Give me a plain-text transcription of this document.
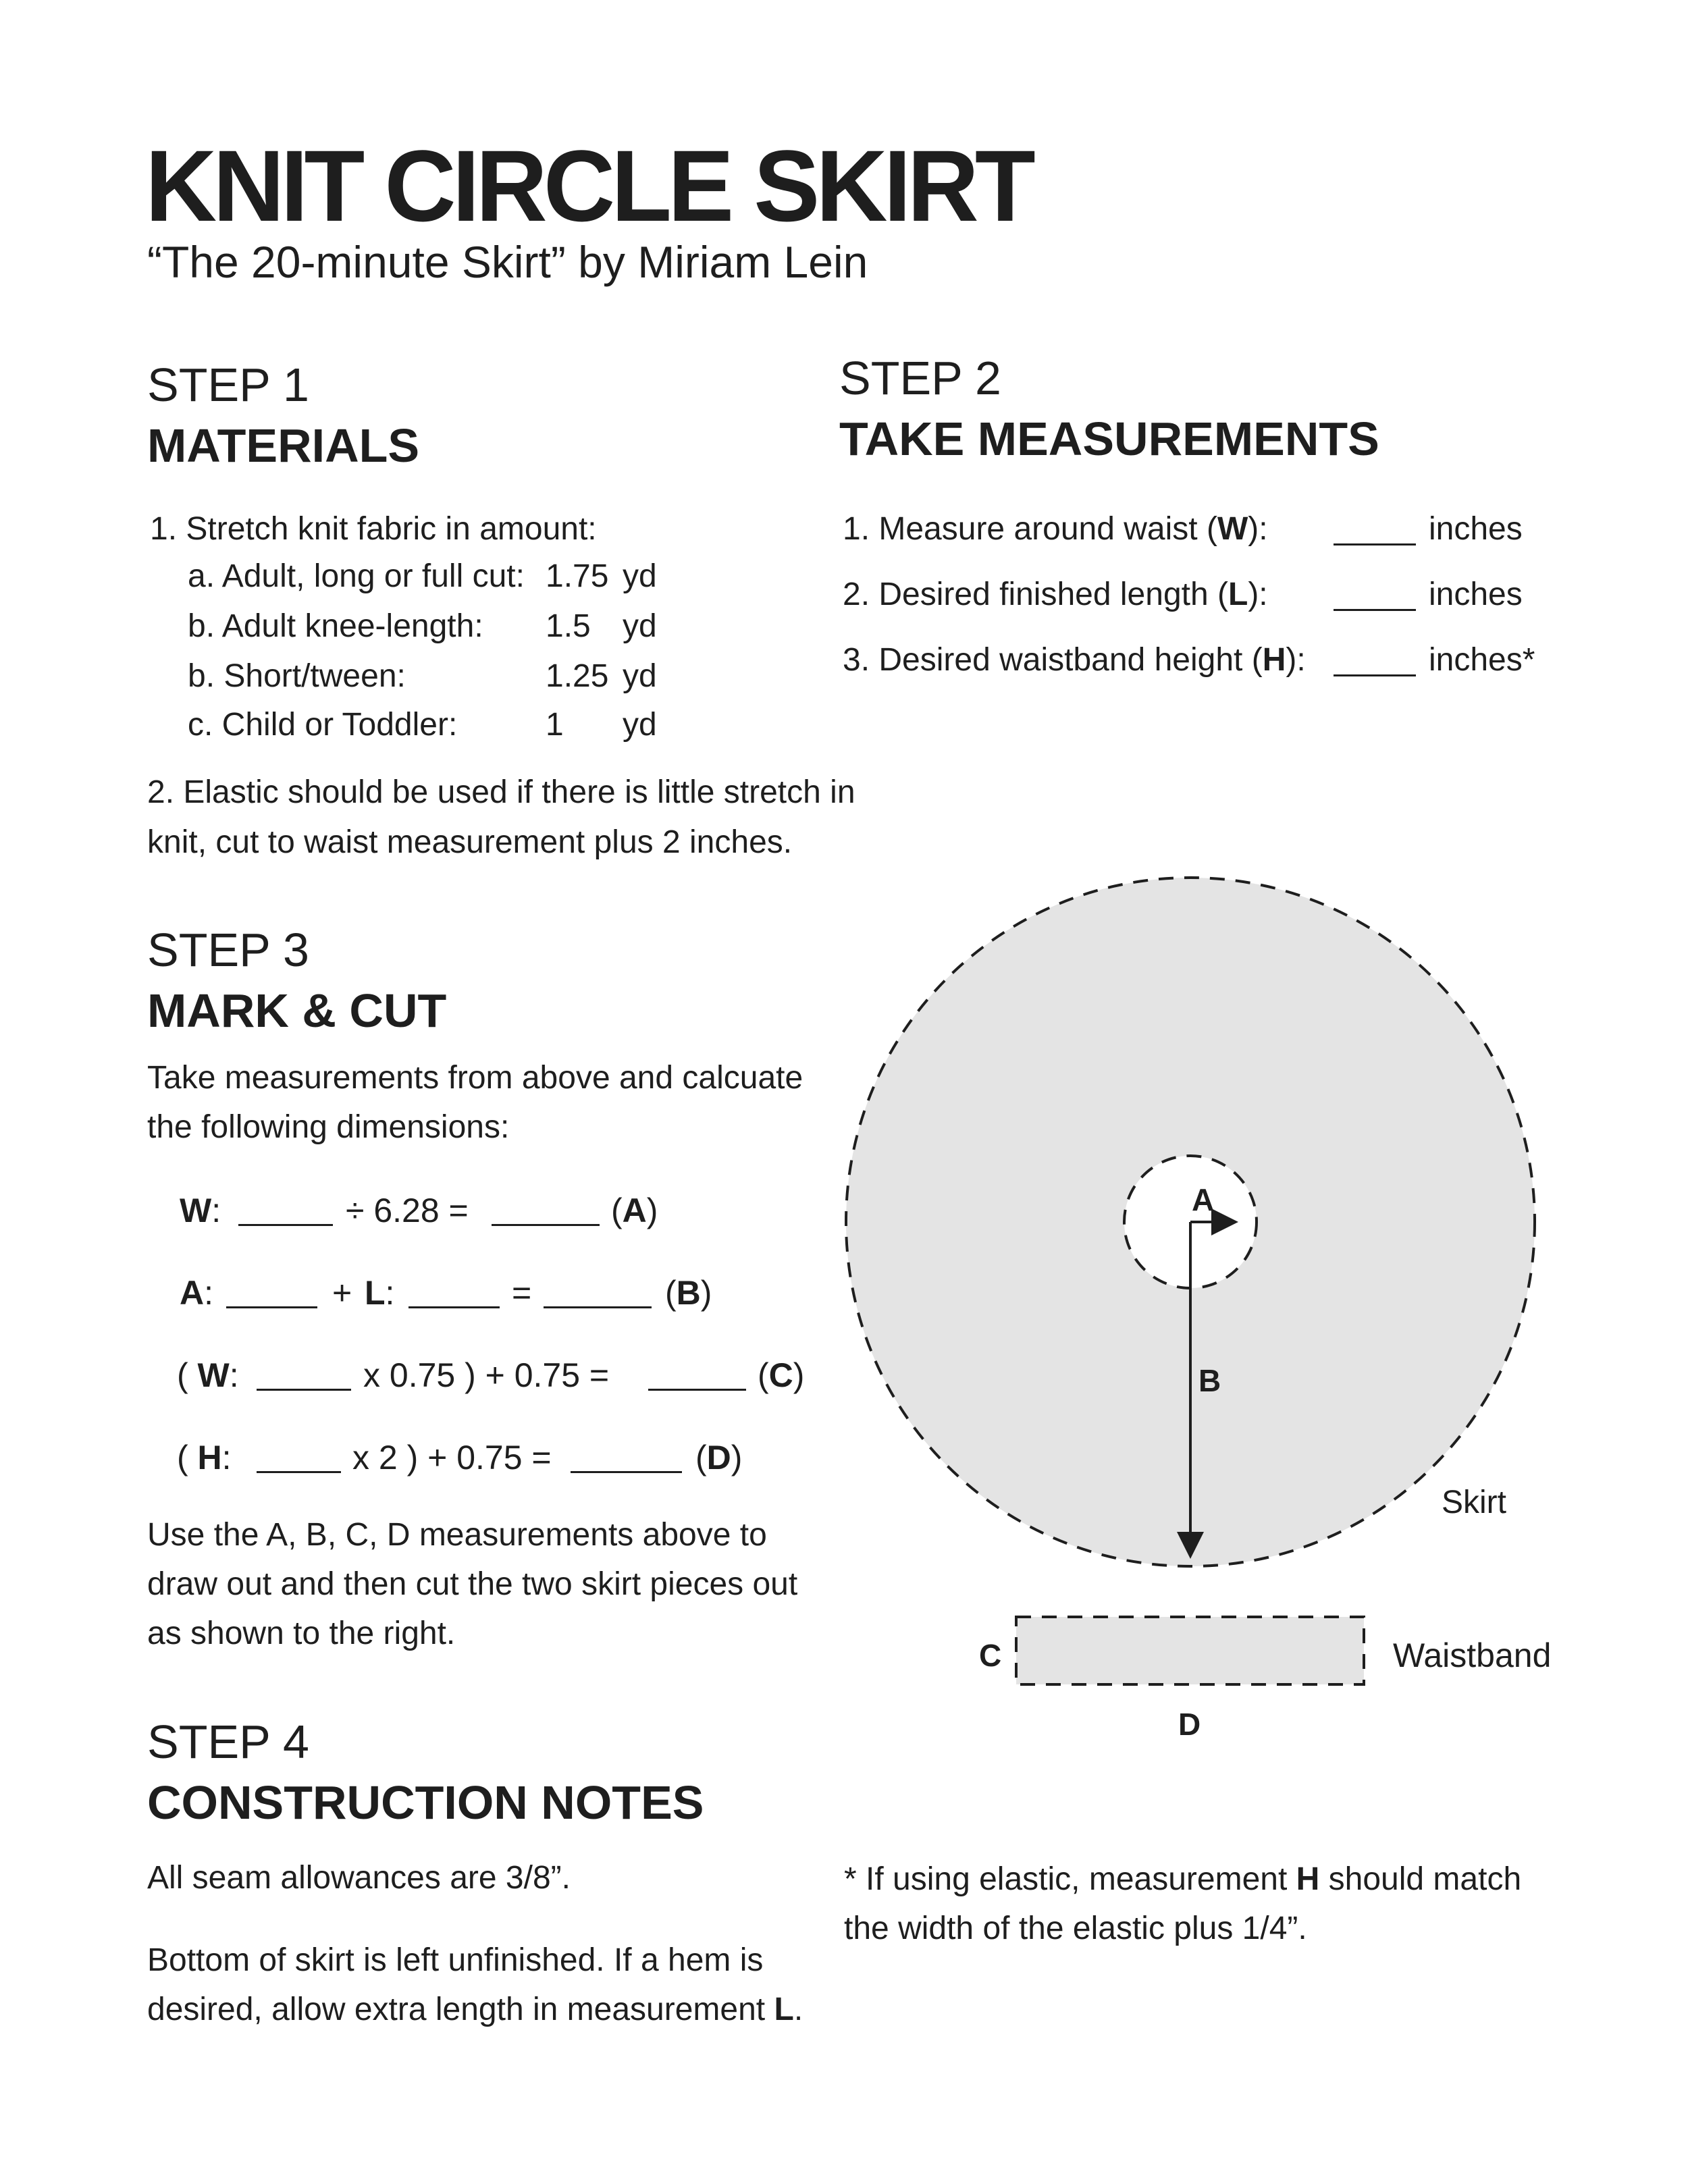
KNIT CIRCLE SKIRT

“The 20-minute Skirt” by Miriam Lein

STEP 1

MATERIALS

1. Stretch knit fabric in amount:

a. Adult, long or full cut: 1.75 yd
b. Adult knee-length: 1.5 yd
b. Short/tween:	1.25 yd
c. Child or Toddler:	1 yd

2. Elastic should be used if there is little stretch in

knit, cut to waist measurement plus 2 inches.

STEP 2

TAKE MEASUREMENTS

1. Measure around waist (W):	inches
2. Desired finished length (L):	inches
3. Desired waistband height (H):	inches*

STEP 3

MARK & CUT

Take measurements from above and calcuate

the following dimensions:

W:	÷ 6.28 =	(A)
A:	+ L:	=	(B)
( W:	x 0.75 ) + 0.75 =	(C)
( H:	x 2 ) + 0.75 =	(D)

Use the A, B, C, D measurements above to

draw out and then cut the two skirt pieces out

as shown to the right.

STEP 4

CONSTRUCTION NOTES

All seam allowances are 3/8”.

Bottom of skirt is left unfinished. If a hem is

desired, allow extra length in measurement L.

A
B
Skirt
C	Waistband
D

* If using elastic, measurement H should match

the width of the elastic plus 1/4”.
